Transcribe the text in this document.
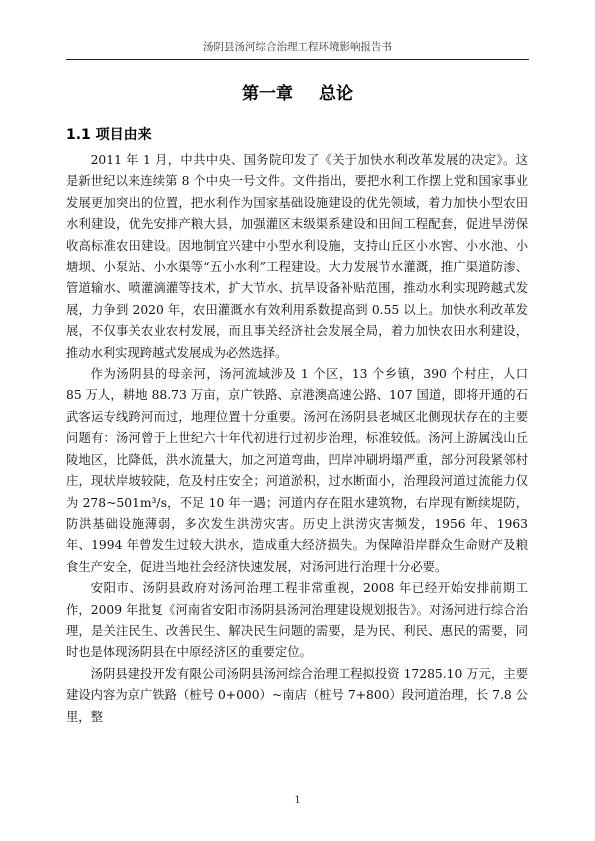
汤阴县汤河综合治理工程环境影响报告书
第一章 总论
1.1 项目由来

2011 年 1 月，中共中央、国务院印发了《关于加快水利改革发展的决定》。这是新世纪以来连续第 8 个中央一号文件。文件指出，要把水利工作摆上党和国家事业发展更加突出的位置，把水利作为国家基础设施建设的优先领域，着力加快小型农田水利建设，优先安排产粮大县，加强灌区末级渠系建设和田间工程配套，促进旱涝保收高标准农田建设。因地制宜兴建中小型水利设施，支持山丘区小水窖、小水池、小塘坝、小泵站、小水渠等“五小水利”工程建设。大力发展节水灌溉，推广渠道防渗、管道输水、喷灌滴灌等技术，扩大节水、抗旱设备补贴范围，推动水利实现跨越式发展，力争到 2020 年，农田灌溉水有效利用系数提高到 0.55 以上。加快水利改革发展，不仅事关农业农村发展，而且事关经济社会发展全局，着力加快农田水利建设，推动水利实现跨越式发展成为必然选择。

作为汤阴县的母亲河，汤河流域涉及 1 个区，13 个乡镇，390 个村庄，人口 85 万人，耕地 88.73 万亩，京广铁路、京港澳高速公路、107 国道，即将开通的石武客运专线跨河而过，地理位置十分重要。汤河在汤阴县老城区北侧现状存在的主要问题有：汤河曾于上世纪六十年代初进行过初步治理，标准较低。汤河上游属浅山丘陵地区，比降低，洪水流量大，加之河道弯曲，凹岸冲刷坍塌严重，部分河段紧邻村庄，现状岸坡较陡，危及村庄安全；河道淤积，过水断面小，治理段河道过流能力仅为 278~501m³/s，不足 10 年一遇；河道内存在阻水建筑物，右岸现有断续堤防，防洪基础设施薄弱，多次发生洪涝灾害。历史上洪涝灾害频发，1956 年、1963 年、1994 年曾发生过较大洪水，造成重大经济损失。为保障沿岸群众生命财产及粮食生产安全，促进当地社会经济快速发展，对汤河进行治理十分必要。

安阳市、汤阴县政府对汤河治理工程非常重视，2008 年已经开始安排前期工作，2009 年批复《河南省安阳市汤阴县汤河治理建设规划报告》。对汤河进行综合治理，是关注民生、改善民生、解决民生问题的需要，是为民、利民、惠民的需要，同时也是体现汤阴县在中原经济区的重要定位。

汤阴县建投开发有限公司汤阴县汤河综合治理工程拟投资 17285.10 万元，主要建设内容为京广铁路（桩号 0+000）~南店（桩号 7+800）段河道治理，长 7.8 公里，整

1
